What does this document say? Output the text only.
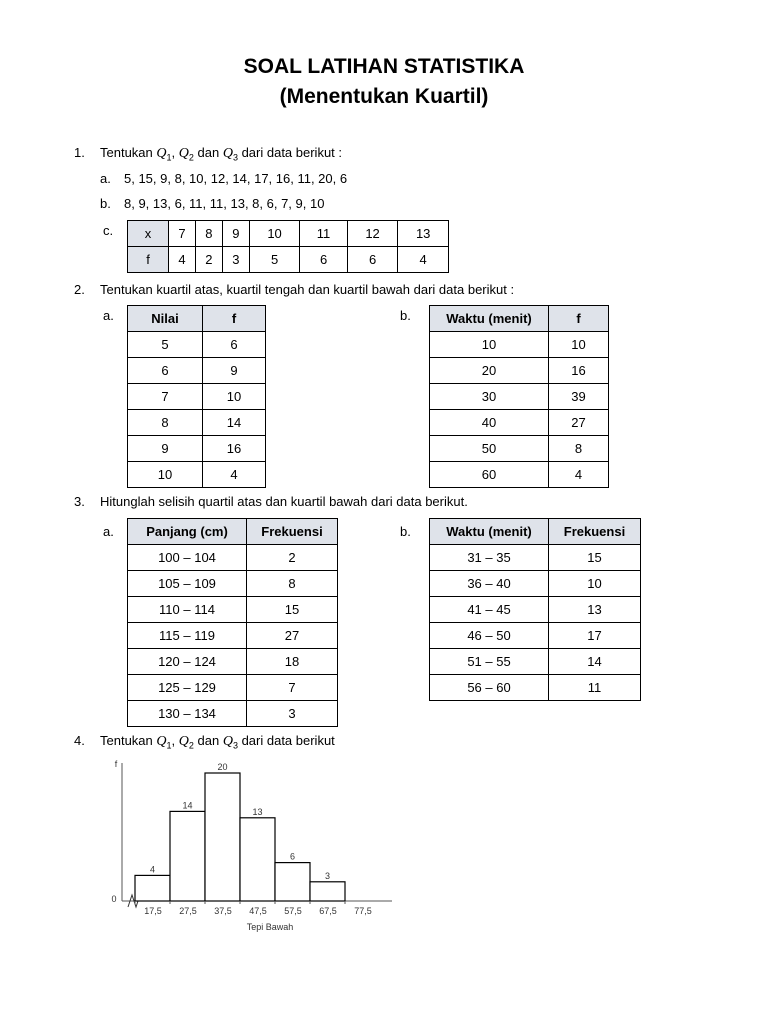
SOAL LATIHAN STATISTIKA
(Menentukan Kuartil)
1. Tentukan $Q_1$, $Q_2$ dan $Q_3$ dari data berikut :
a. 5, 15, 9, 8, 10, 12, 14, 17, 16, 11, 20, 6
b. 8, 9, 13, 6, 11, 11, 13, 8, 6, 7, 9, 10
c. x	7	8	9	10	11	12	13
f	4	2	3	5	6	6	4
2. Tentukan kuartil atas, kuartil tengah dan kuartil bawah dari data berikut :
a.	Nilai	f
5	6
6	9
7	10
8	14
9	16
10	4
b.	Waktu (menit)	f
10	10
20	16
30	39
40	27
50	8
60	4
3. Hitunglah selisih quartil atas dan kuartil bawah dari data berikut.
a. Panjang (cm)	Frekuensi
100 – 104	2
105 – 109	8
110 – 114	15
115 – 119	27
120 – 124	18
125 – 129	7
130 – 134	3
b.	Waktu (menit)	Frekuensi
31 – 35	15
36 – 40	10
41 – 45	13
46 – 50	17
51 – 55	14
56 – 60	11
4. Tentukan $Q_1$, $Q_2$ dan $Q_3$ dari data berikut
f
0
4
14
20
13
6
3
17,5 27,5 37,5 47,5 57,5 67,5 77,5
Tepi Bawah
